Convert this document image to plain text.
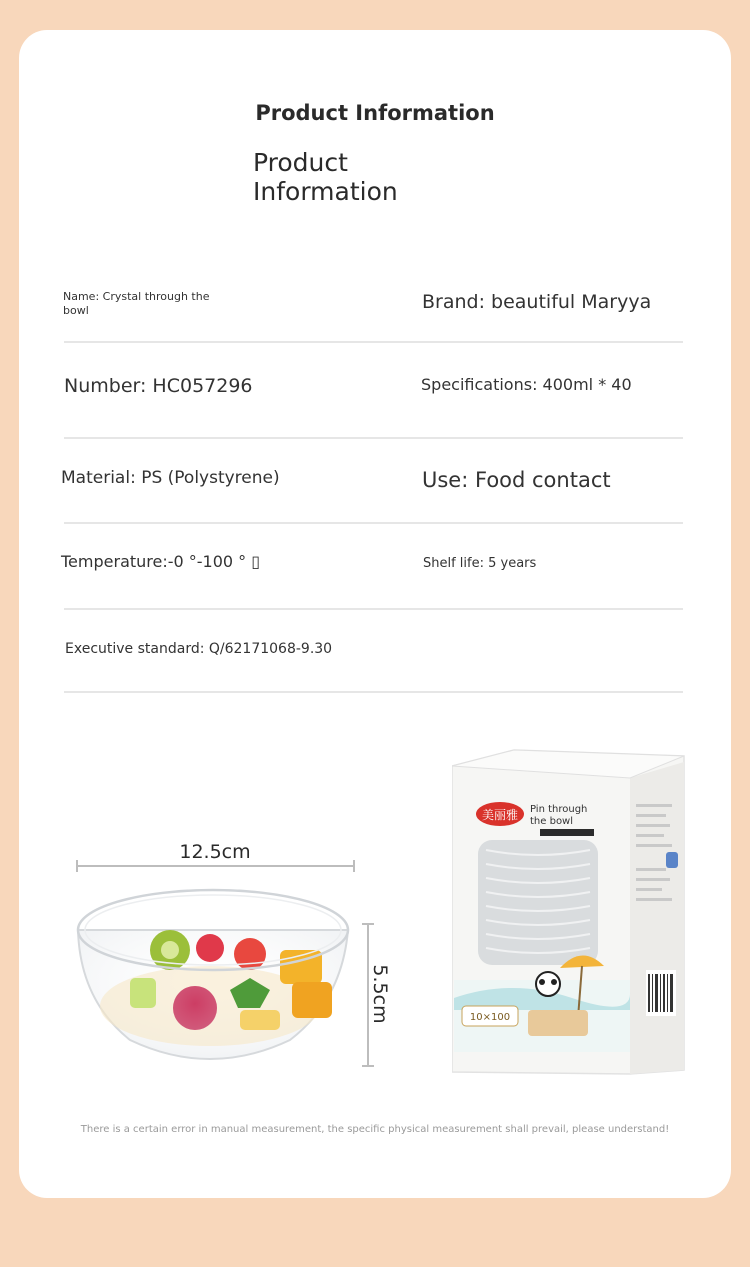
Product Information
Product Information
Name: Crystal through the bowl	Brand: beautiful Maryya
Number: HC057296	Specifications: 400ml * 40
Material: PS (Polystyrene)	Use: Food contact
Temperature:-0 °-100 ° ▯	Shelf life: 5 years
Executive standard: Q/62171068-9.30
12.5cm
5.5cm
美丽雅 Pin through
the bowl
10×100
There is a certain error in manual measurement, the specific physical measurement shall prevail, please understand!
